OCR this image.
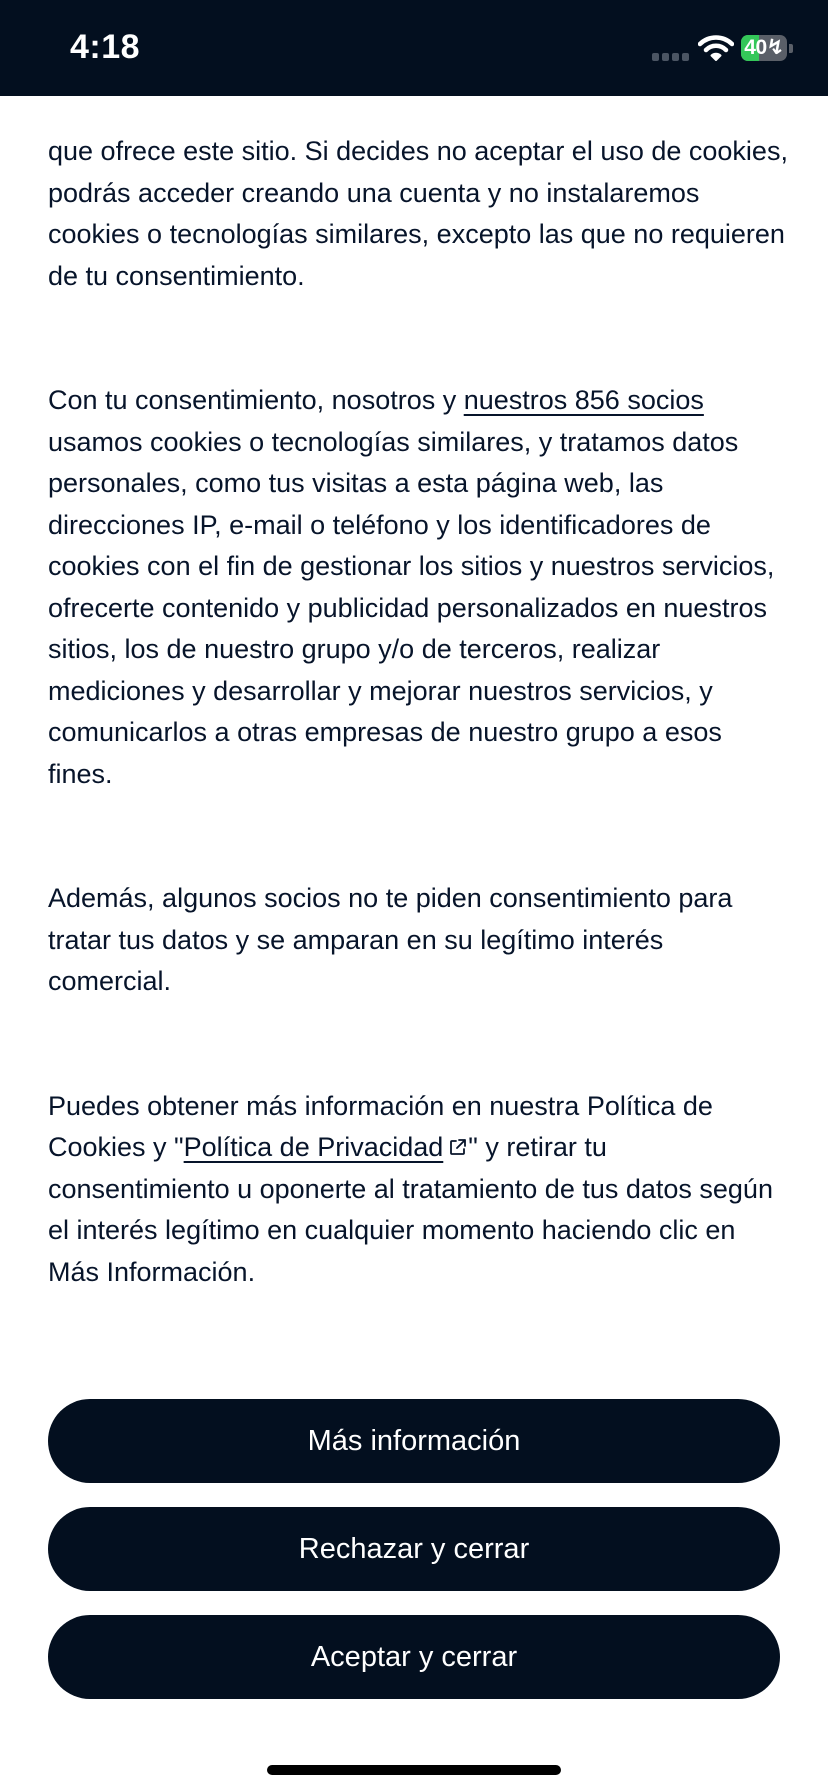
4:18	40↯

que ofrece este sitio. Si decides no aceptar el uso de cookies, podrás acceder creando una cuenta y no instalaremos cookies o tecnologías similares, excepto las que no requieren de tu consentimiento.

Con tu consentimiento, nosotros y nuestros 856 socios usamos cookies o tecnologías similares, y tratamos datos personales, como tus visitas a esta página web, las direcciones IP, e-mail o teléfono y los identificadores de cookies con el fin de gestionar los sitios y nuestros servicios, ofrecerte contenido y publicidad personalizados en nuestros sitios, los de nuestro grupo y/o de terceros, realizar mediciones y desarrollar y mejorar nuestros servicios, y comunicarlos a otras empresas de nuestro grupo a esos fines.

Además, algunos socios no te piden consentimiento para tratar tus datos y se amparan en su legítimo interés comercial.

Puedes obtener más información en nuestra Política de Cookies y "Política de Privacidad " y retirar tu consentimiento u oponerte al tratamiento de tus datos según el interés legítimo en cualquier momento haciendo clic en Más Información.

Más información
Rechazar y cerrar
Aceptar y cerrar
